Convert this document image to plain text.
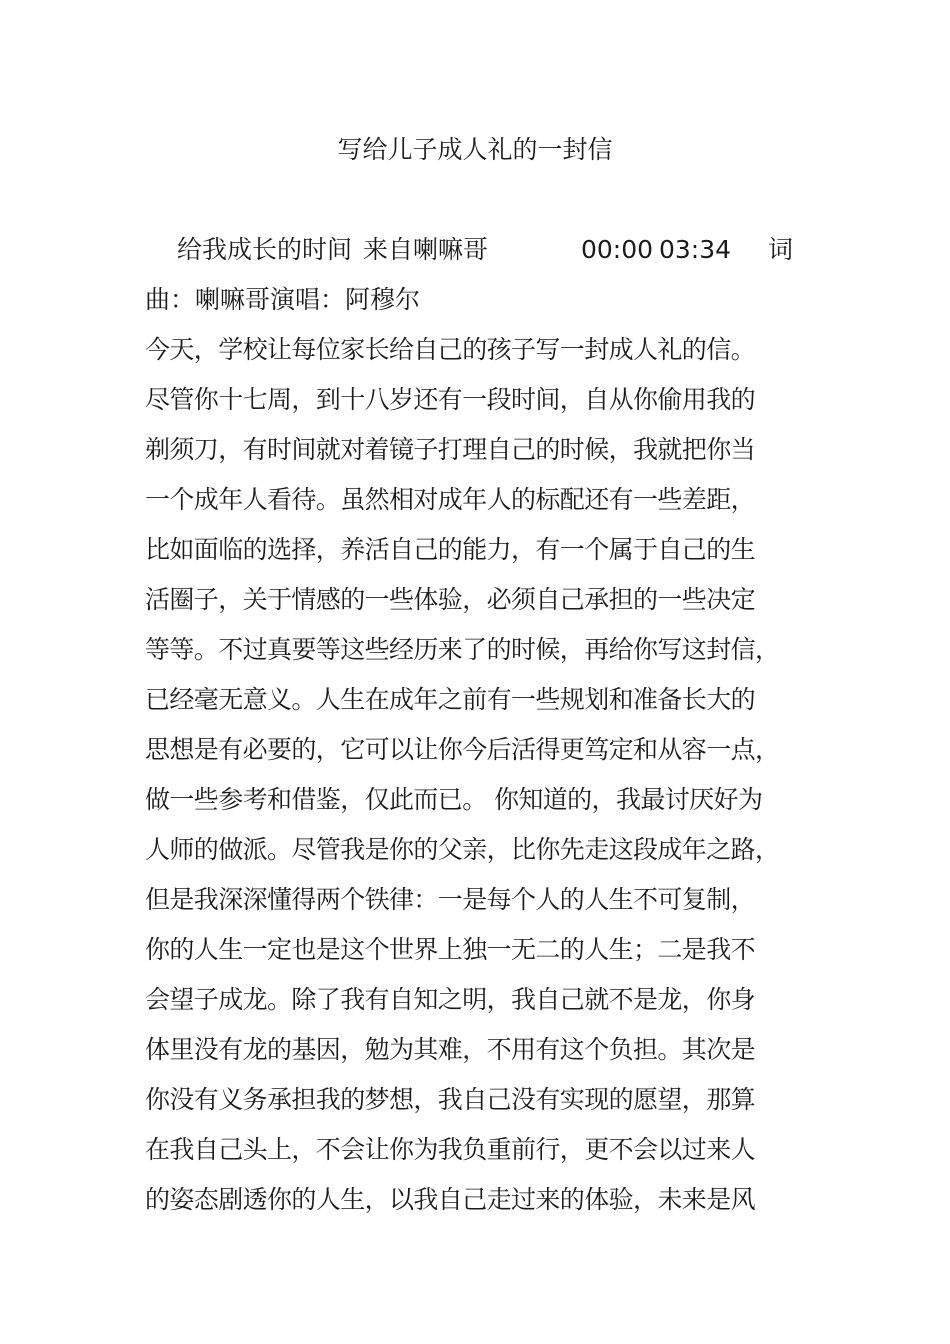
写给儿子成人礼的一封信
给我成长的时间 来自喇嘛哥	00:00 03:34 词
曲：喇嘛哥演唱：阿穆尔
今天，学校让每位家长给自己的孩子写一封成人礼的信。
尽管你十七周，到十八岁还有一段时间，自从你偷用我的
剃须刀，有时间就对着镜子打理自己的时候，我就把你当
一个成年人看待。虽然相对成年人的标配还有一些差距，
比如面临的选择，养活自己的能力，有一个属于自己的生
活圈子，关于情感的一些体验，必须自己承担的一些决定
等等。不过真要等这些经历来了的时候，再给你写这封信，
已经毫无意义。人生在成年之前有一些规划和准备长大的
思想是有必要的，它可以让你今后活得更笃定和从容一点，
做一些参考和借鉴，仅此而已。 你知道的，我最讨厌好为
人师的做派。尽管我是你的父亲，比你先走这段成年之路，
但是我深深懂得两个铁律：一是每个人的人生不可复制，
你的人生一定也是这个世界上独一无二的人生；二是我不
会望子成龙。除了我有自知之明，我自己就不是龙，你身
体里没有龙的基因，勉为其难，不用有这个负担。其次是
你没有义务承担我的梦想，我自己没有实现的愿望，那算
在我自己头上，不会让你为我负重前行，更不会以过来人
的姿态剧透你的人生，以我自己走过来的体验，未来是风
